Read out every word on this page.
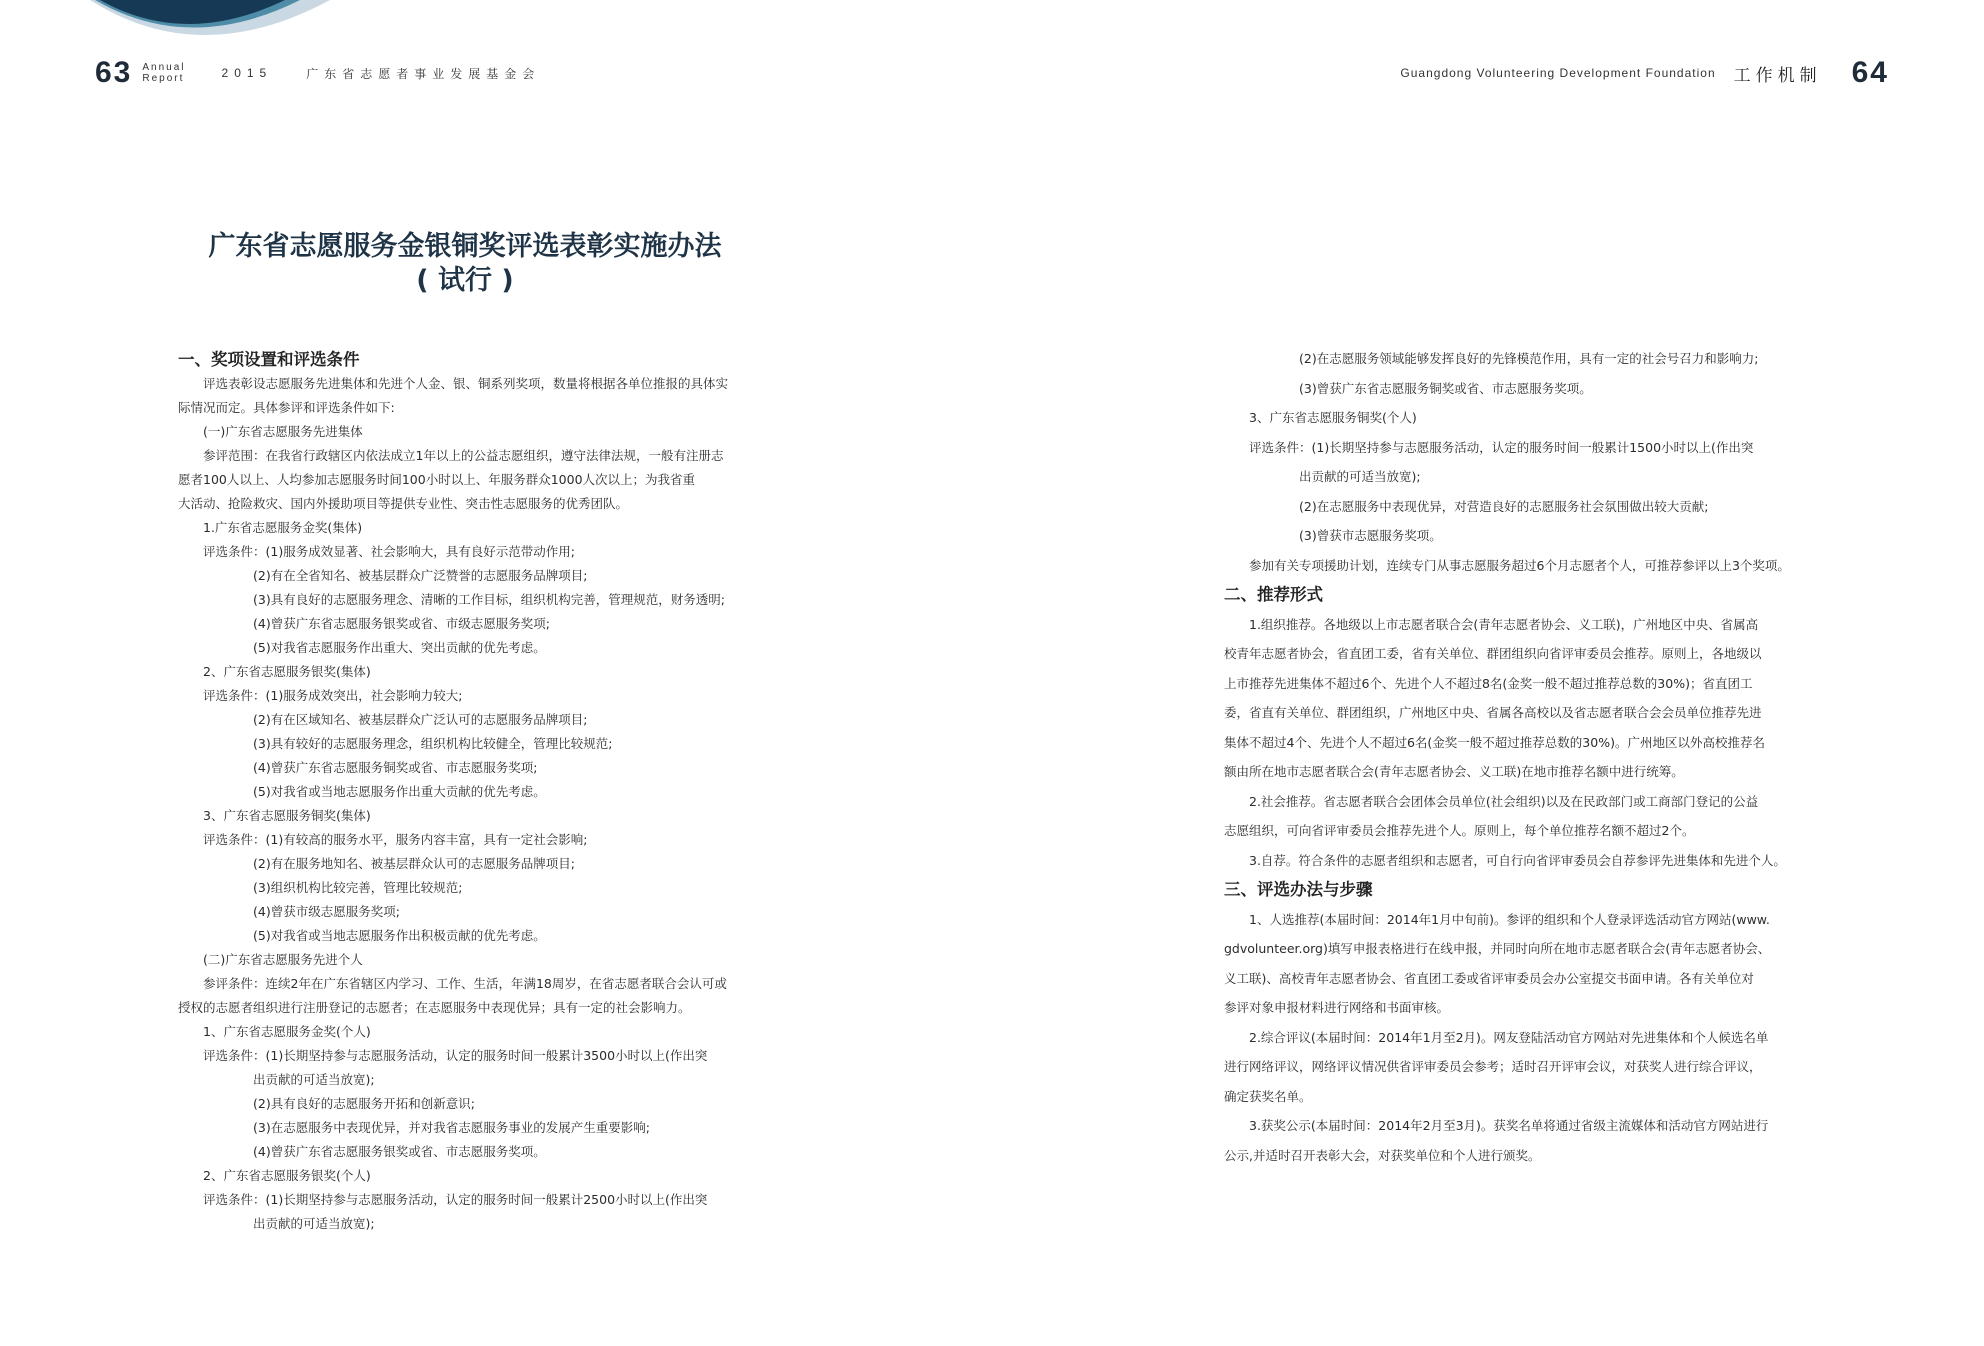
63 Annual
Report	2015	广东省志愿者事业发展基金会	Guangdong Volunteering Development Foundation 工作机制 64
广东省志愿服务金银铜奖评选表彰实施办法
( 试行 )
一、奖项设置和评选条件
　　评选表彰设志愿服务先进集体和先进个人金、银、铜系列奖项，数量将根据各单位推报的具体实
际情况而定。具体参评和评选条件如下:
　　(一)广东省志愿服务先进集体
　　参评范围：在我省行政辖区内依法成立1年以上的公益志愿组织，遵守法律法规，一般有注册志
愿者100人以上、人均参加志愿服务时间100小时以上、年服务群众1000人次以上；为我省重
大活动、抢险救灾、国内外援助项目等提供专业性、突击性志愿服务的优秀团队。
　　1.广东省志愿服务金奖(集体)
　　评选条件：(1)服务成效显著、社会影响大，具有良好示范带动作用;
　　　　　　(2)有在全省知名、被基层群众广泛赞誉的志愿服务品牌项目;
　　　　　　(3)具有良好的志愿服务理念、清晰的工作目标，组织机构完善，管理规范，财务透明;
　　　　　　(4)曾获广东省志愿服务银奖或省、市级志愿服务奖项;
　　　　　　(5)对我省志愿服务作出重大、突出贡献的优先考虑。
　　2、广东省志愿服务银奖(集体)
　　评选条件：(1)服务成效突出，社会影响力较大;
　　　　　　(2)有在区域知名、被基层群众广泛认可的志愿服务品牌项目;
　　　　　　(3)具有较好的志愿服务理念，组织机构比较健全，管理比较规范;
　　　　　　(4)曾获广东省志愿服务铜奖或省、市志愿服务奖项;
　　　　　　(5)对我省或当地志愿服务作出重大贡献的优先考虑。
　　3、广东省志愿服务铜奖(集体)
　　评选条件：(1)有较高的服务水平，服务内容丰富，具有一定社会影响;
　　　　　　(2)有在服务地知名、被基层群众认可的志愿服务品牌项目;
　　　　　　(3)组织机构比较完善，管理比较规范;
　　　　　　(4)曾获市级志愿服务奖项;
　　　　　　(5)对我省或当地志愿服务作出积极贡献的优先考虑。
　　(二)广东省志愿服务先进个人
　　参评条件：连续2年在广东省辖区内学习、工作、生活，年满18周岁，在省志愿者联合会认可或
授权的志愿者组织进行注册登记的志愿者；在志愿服务中表现优异；具有一定的社会影响力。
　　1、广东省志愿服务金奖(个人)
　　评选条件：(1)长期坚持参与志愿服务活动，认定的服务时间一般累计3500小时以上(作出突
　　　　　　出贡献的可适当放宽);
　　　　　　(2)具有良好的志愿服务开拓和创新意识;
　　　　　　(3)在志愿服务中表现优异，并对我省志愿服务事业的发展产生重要影响;
　　　　　　(4)曾获广东省志愿服务银奖或省、市志愿服务奖项。
　　2、广东省志愿服务银奖(个人)
　　评选条件：(1)长期坚持参与志愿服务活动，认定的服务时间一般累计2500小时以上(作出突
　　　　　　出贡献的可适当放宽);
　　　　　　(2)在志愿服务领域能够发挥良好的先锋模范作用，具有一定的社会号召力和影响力;
　　　　　　(3)曾获广东省志愿服务铜奖或省、市志愿服务奖项。
　　3、广东省志愿服务铜奖(个人)
　　评选条件：(1)长期坚持参与志愿服务活动，认定的服务时间一般累计1500小时以上(作出突
　　　　　　出贡献的可适当放宽);
　　　　　　(2)在志愿服务中表现优异，对营造良好的志愿服务社会氛围做出较大贡献;
　　　　　　(3)曾获市志愿服务奖项。
　　参加有关专项援助计划，连续专门从事志愿服务超过6个月志愿者个人，可推荐参评以上3个奖项。
二、推荐形式
　　1.组织推荐。各地级以上市志愿者联合会(青年志愿者协会、义工联)，广州地区中央、省属高
校青年志愿者协会，省直团工委，省有关单位、群团组织向省评审委员会推荐。原则上，各地级以
上市推荐先进集体不超过6个、先进个人不超过8名(金奖一般不超过推荐总数的30%)；省直团工
委，省直有关单位、群团组织，广州地区中央、省属各高校以及省志愿者联合会会员单位推荐先进
集体不超过4个、先进个人不超过6名(金奖一般不超过推荐总数的30%)。广州地区以外高校推荐名
额由所在地市志愿者联合会(青年志愿者协会、义工联)在地市推荐名额中进行统筹。
　　2.社会推荐。省志愿者联合会团体会员单位(社会组织)以及在民政部门或工商部门登记的公益
志愿组织，可向省评审委员会推荐先进个人。原则上，每个单位推荐名额不超过2个。
　　3.自荐。符合条件的志愿者组织和志愿者，可自行向省评审委员会自荐参评先进集体和先进个人。
三、评选办法与步骤
　　1、人选推荐(本届时间：2014年1月中旬前)。参评的组织和个人登录评选活动官方网站(www.
gdvolunteer.org)填写申报表格进行在线申报，并同时向所在地市志愿者联合会(青年志愿者协会、
义工联)、高校青年志愿者协会、省直团工委或省评审委员会办公室提交书面申请。各有关单位对
参评对象申报材料进行网络和书面审核。
　　2.综合评议(本届时间：2014年1月至2月)。网友登陆活动官方网站对先进集体和个人候选名单
进行网络评议，网络评议情况供省评审委员会参考；适时召开评审会议，对获奖人进行综合评议，
确定获奖名单。
　　3.获奖公示(本届时间：2014年2月至3月)。获奖名单将通过省级主流媒体和活动官方网站进行
公示,并适时召开表彰大会，对获奖单位和个人进行颁奖。
